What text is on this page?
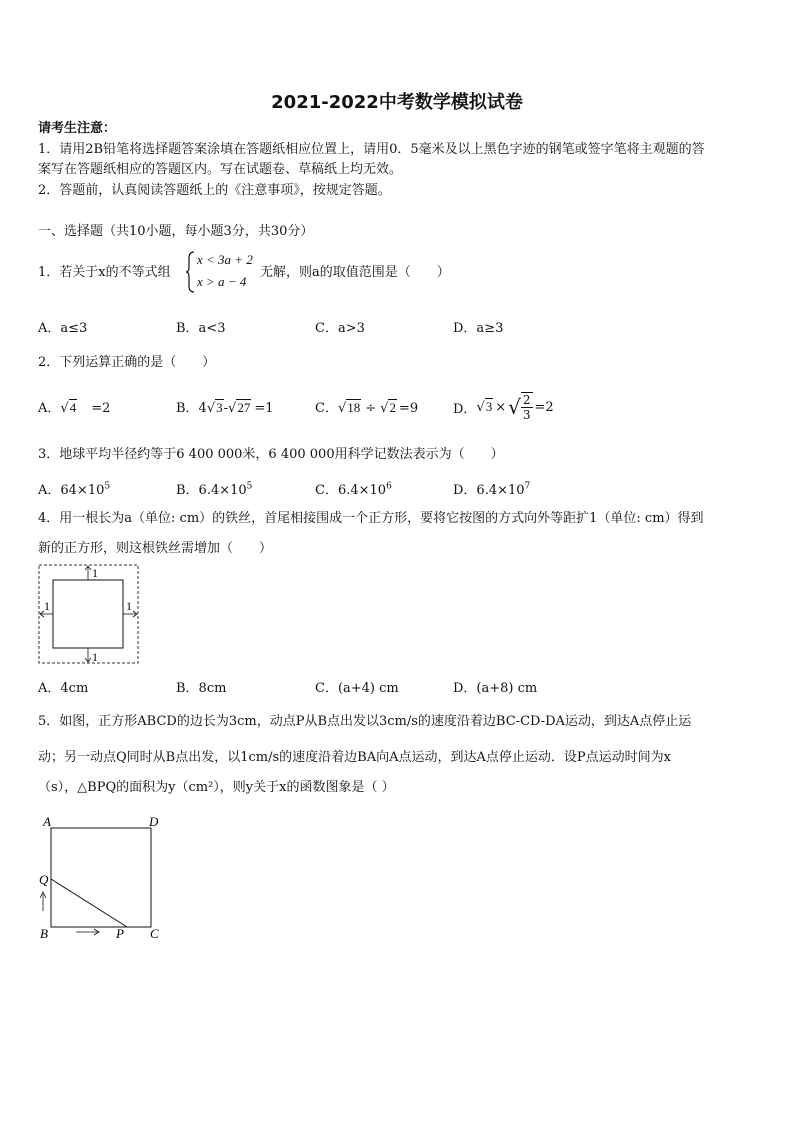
2021-2022中考数学模拟试卷
请考生注意：
1．请用2B铅笔将选择题答案涂填在答题纸相应位置上，请用0．5毫米及以上黑色字迹的钢笔或签字笔将主观题的答
案写在答题纸相应的答题区内。写在试题卷、草稿纸上均无效。
2．答题前，认真阅读答题纸上的《注意事项》，按规定答题。
一、选择题（共10小题，每小题3分，共30分）
1．若关于x的不等式组
x < 3a + 2
x > a − 4
无解，则a的取值范围是（　　）
A．a≤3	B．a<3	C．a>3	D．a≥3
2．下列运算正确的是（　　）
A．√4 =2	B．4√3-√27 =1	C．√18 ÷ √2 =9	D． √3 × √ $\frac{2}{3} =2$
3．地球平均半径约等于6 400 000米，6 400 000用科学记数法表示为（　　）
A．$64\times 10^5$	B．$6.4\times 10^5$	C．$6.4\times 10^6$	D．$6.4\times 10^7$
4．用一根长为a（单位: cm）的铁丝，首尾相接围成一个正方形，要将它按图的方式向外等距扩1（单位: cm）得到
新的正方形，则这根铁丝需增加（　　）
1
1
1	1
A．4cm	B．8cm	C．(a+4) cm	D．(a+8) cm
5．如图，正方形ABCD的边长为3cm，动点P从B点出发以3cm/s的速度沿着边BC-CD-DA运动，到达A点停止运
动；另一动点Q同时从B点出发，以1cm/s的速度沿着边BA向A点运动，到达A点停止运动．设P点运动时间为x
（s），△BPQ的面积为y（cm²），则y关于x的函数图象是（ ）
A	D
Q
B	P C
